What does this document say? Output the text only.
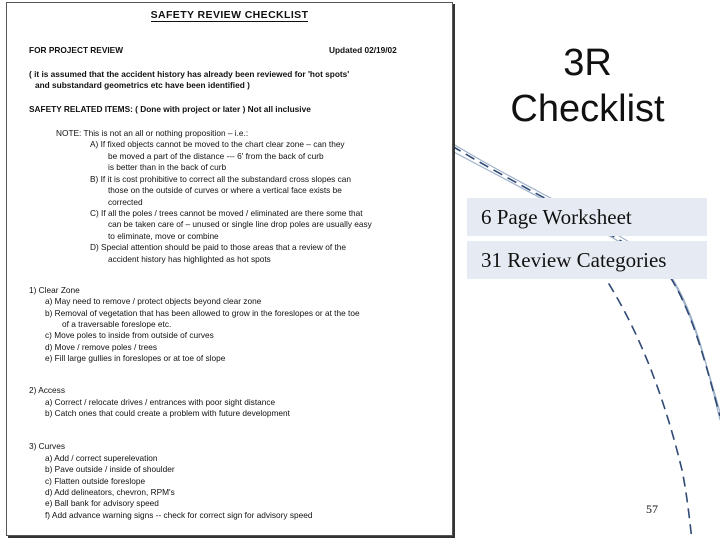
SAFETY REVIEW CHECKLIST
FOR PROJECT REVIEW	Updated 02/19/02
( it is assumed that the accident history has already been reviewed for 'hot spots'
and substandard geometrics etc have been identified )
SAFETY RELATED ITEMS: ( Done with project or later ) Not all inclusive
NOTE: This is not an all or nothing proposition – i.e.:
A) If fixed objects cannot be moved to the chart clear zone – can they
be moved a part of the distance --- 6' from the back of curb
is better than in the back of curb
B) If it is cost prohibitive to correct all the substandard cross slopes can
those on the outside of curves or where a vertical face exists be
corrected
C) If all the poles / trees cannot be moved / eliminated are there some that
can be taken care of – unused or single line drop poles are usually easy
to eliminate, move or combine
D) Special attention should be paid to those areas that a review of the
accident history has highlighted as hot spots
1) Clear Zone
a) May need to remove / protect objects beyond clear zone
b) Removal of vegetation that has been allowed to grow in the foreslopes or at the toe
of a traversable foreslope etc.
c) Move poles to inside from outside of curves
d) Move / remove poles / trees
e) Fill large gullies in foreslopes or at toe of slope
2) Access
a) Correct / relocate drives / entrances with poor sight distance
b) Catch ones that could create a problem with future development
3) Curves
a) Add / correct superelevation
b) Pave outside / inside of shoulder
c) Flatten outside foreslope
d) Add delineators, chevron, RPM's
e) Ball bank for advisory speed
f) Add advance warning signs -- check for correct sign for advisory speed
3R
Checklist
6 Page Worksheet
31 Review Categories
57
